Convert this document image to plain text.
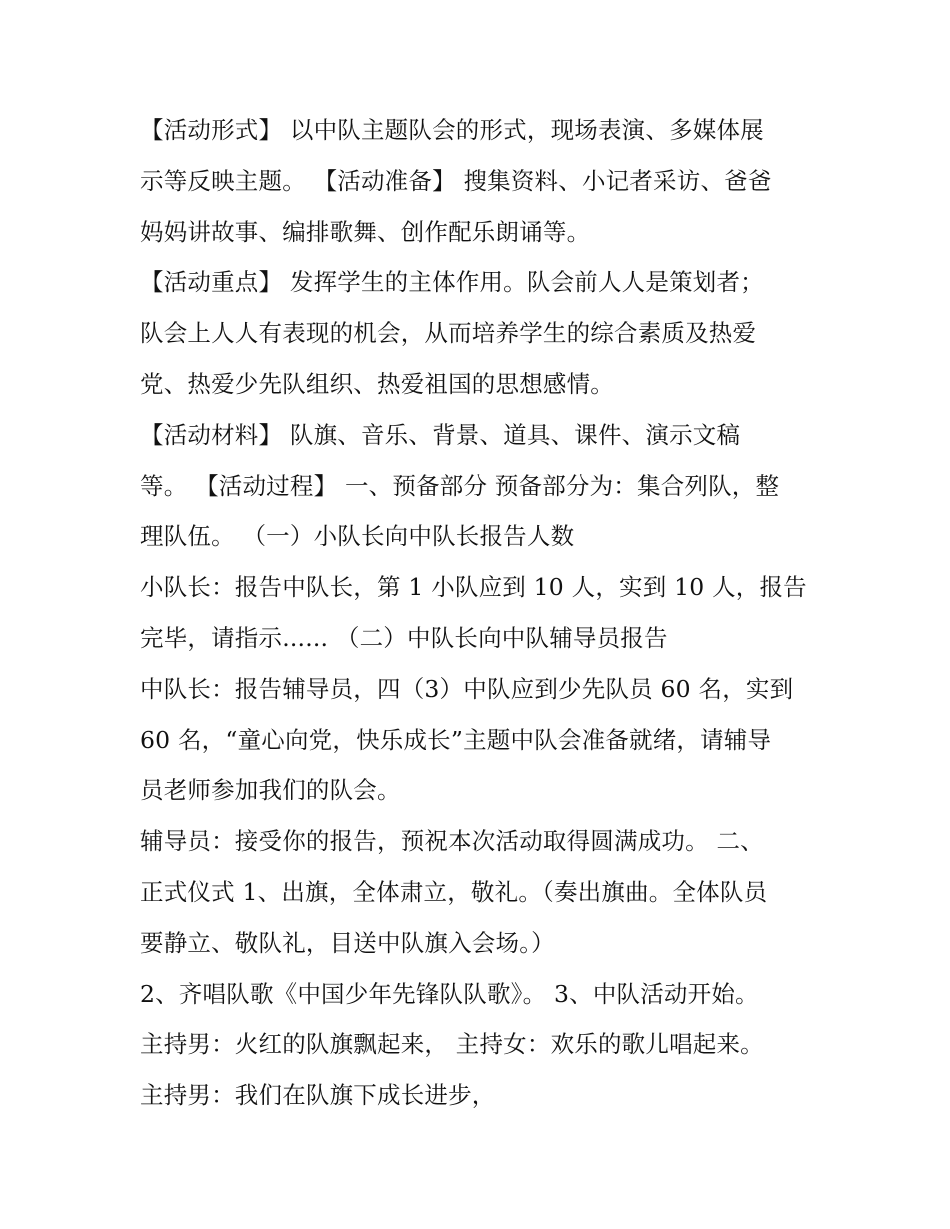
【活动形式】 以中队主题队会的形式，现场表演、多媒体展
示等反映主题。 【活动准备】 搜集资料、小记者采访、爸爸
妈妈讲故事、编排歌舞、创作配乐朗诵等。
【活动重点】 发挥学生的主体作用。队会前人人是策划者；
队会上人人有表现的机会，从而培养学生的综合素质及热爱
党、热爱少先队组织、热爱祖国的思想感情。
【活动材料】 队旗、音乐、背景、道具、课件、演示文稿
等。 【活动过程】 一、预备部分 预备部分为：集合列队，整
理队伍。 （一）小队长向中队长报告人数
小队长：报告中队长，第 1 小队应到 10 人，实到 10 人，报告
完毕，请指示...... （二）中队长向中队辅导员报告
中队长：报告辅导员，四（3）中队应到少先队员 60 名，实到
60 名，“童心向党，快乐成长”主题中队会准备就绪，请辅导
员老师参加我们的队会。
辅导员：接受你的报告，预祝本次活动取得圆满成功。 二、
正式仪式 1、出旗，全体肃立，敬礼。（奏出旗曲。全体队员
要静立、敬队礼，目送中队旗入会场。）
2、齐唱队歌《中国少年先锋队队歌》。 3、中队活动开始。
主持男：火红的队旗飘起来， 主持女：欢乐的歌儿唱起来。
主持男：我们在队旗下成长进步，
